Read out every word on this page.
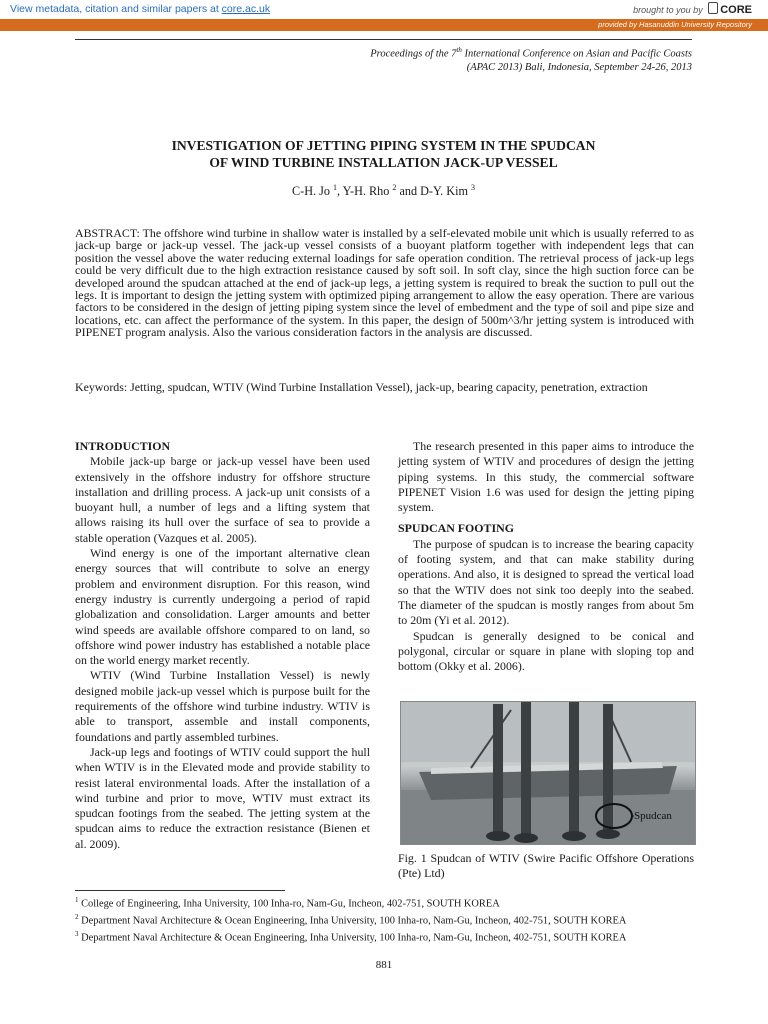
View metadata, citation and similar papers at core.ac.uk	brought to you by CORE
provided by Hasanuddin University Repository
Proceedings of the 7th International Conference on Asian and Pacific Coasts
(APAC 2013) Bali, Indonesia, September 24-26, 2013
INVESTIGATION OF JETTING PIPING SYSTEM IN THE SPUDCAN
OF WIND TURBINE INSTALLATION JACK-UP VESSEL
C-H. Jo $^1$, Y-H. Rho $^2$ and D-Y. Kim $^3$

ABSTRACT: The offshore wind turbine in shallow water is installed by a self-elevated mobile unit which is usually referred to as jack-up barge or jack-up vessel. The jack-up vessel consists of a buoyant platform together with independent legs that can position the vessel above the water reducing external loadings for safe operation condition. The retrieval process of jack-up legs could be very difficult due to the high extraction resistance caused by soft soil. In soft clay, since the high suction force can be developed around the spudcan attached at the end of jack-up legs, a jetting system is required to break the suction to pull out the legs. It is important to design the jetting system with optimized piping arrangement to allow the easy operation. There are various factors to be considered in the design of jetting piping system since the level of embedment and the type of soil and pipe size and locations, etc. can affect the performance of the system. In this paper, the design of 500m^3/hr jetting system is introduced with PIPENET program analysis. Also the various consideration factors in the analysis are discussed.

Keywords: Jetting, spudcan, WTIV (Wind Turbine Installation Vessel), jack-up, bearing capacity, penetration, extraction

INTRODUCTION

Mobile jack-up barge or jack-up vessel have been used extensively in the offshore industry for offshore structure installation and drilling process. A jack-up unit consists of a buoyant hull, a number of legs and a lifting system that allows raising its hull over the surface of sea to provide a stable operation (Vazques et al. 2005).

Wind energy is one of the important alternative clean energy sources that will contribute to solve an energy problem and environment disruption. For this reason, wind energy industry is currently undergoing a period of rapid globalization and consolidation. Larger amounts and better wind speeds are available offshore compared to on land, so offshore wind power industry has established a notable place on the world energy market recently.

WTIV (Wind Turbine Installation Vessel) is newly designed mobile jack-up vessel which is purpose built for the requirements of the offshore wind turbine industry. WTIV is able to transport, assemble and install components, foundations and partly assembled turbines.

Jack-up legs and footings of WTIV could support the hull when WTIV is in the Elevated mode and provide stability to resist lateral environmental loads. After the installation of a wind turbine and prior to move, WTIV must extract its spudcan footings from the seabed. The jetting system at the spudcan aims to reduce the extraction resistance (Bienen et al. 2009).

The research presented in this paper aims to introduce the jetting system of WTIV and procedures of design the jetting piping systems. In this study, the commercial software PIPENET Vision 1.6 was used for design the jetting piping system.

SPUDCAN FOOTING

The purpose of spudcan is to increase the bearing capacity of footing system, and that can make stability during operations. And also, it is designed to spread the vertical load so that the WTIV does not sink too deeply into the seabed. The diameter of the spudcan is mostly ranges from about 5m to 20m (Yi et al. 2012).

Spudcan is generally designed to be conical and polygonal, circular or square in plane with sloping top and bottom (Okky et al. 2006).

Spudcan

Fig. 1 Spudcan of WTIV (Swire Pacific Offshore Operations (Pte) Ltd)

$^1$ College of Engineering, Inha University, 100 Inha-ro, Nam-Gu, Incheon, 402-751, SOUTH KOREA
$^2$ Department Naval Architecture & Ocean Engineering, Inha University, 100 Inha-ro, Nam-Gu, Incheon, 402-751, SOUTH KOREA
$^3$ Department Naval Architecture & Ocean Engineering, Inha University, 100 Inha-ro, Nam-Gu, Incheon, 402-751, SOUTH KOREA
881
